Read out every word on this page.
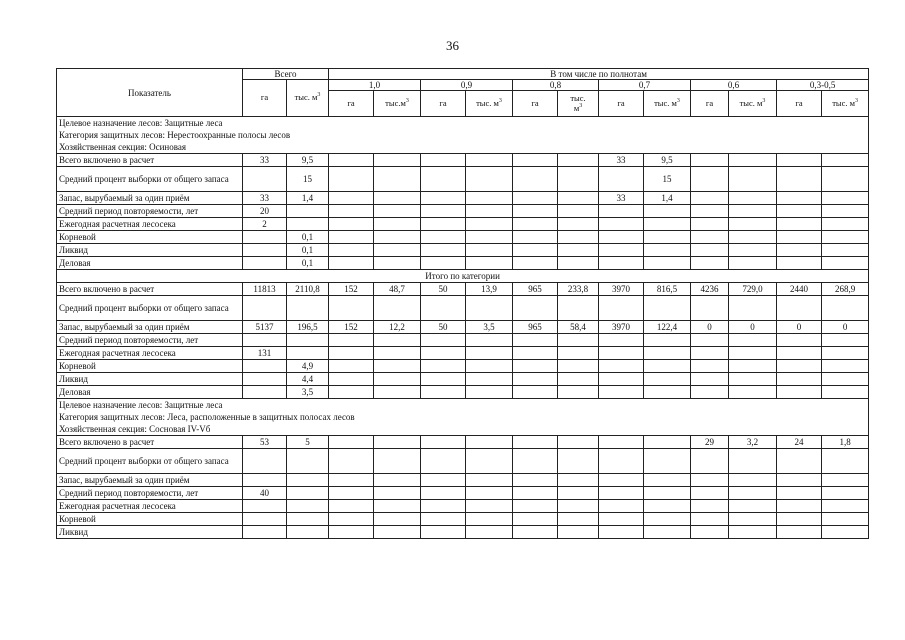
36
Показатель	Всего		В том числе по полнотам											
	га	тыс. $м^3$	1,0		0,9		0,8		0,7		0,6		0,3-0,5	
			га	$тыс.м^3$	га	тыс. $м^3$	га	тыс.
$м^3$	га	тыс. $м^3$	га	тыс. $м^3$	га	тыс. $м^3$
Целевое назначение лесов: Защитные леса														
Категория защитных лесов: Нерестоохранные полосы лесов														
Хозяйственная секция: Осиновая														
Всего включено в расчет	33	9,5							33	9,5				
Средний процент выборки от общего запаса		15								15				
Запас, вырубаемый за один приём	33	1,4							33	1,4				
Средний период повторяемости, лет	20													
Ежегодная расчетная лесосека	2													
Корневой		0,1												
Ликвид		0,1												
Деловая		0,1												
Итого по категории														
Всего включено в расчет	11813	2110,8	152	48,7	50	13,9	965	233,8	3970	816,5	4236	729,0	2440	268,9
Средний процент выборки от общего запаса														
Запас, вырубаемый за один приём	5137	196,5	152	12,2	50	3,5	965	58,4	3970	122,4	0	0	0	0
Средний период повторяемости, лет														
Ежегодная расчетная лесосека	131													
Корневой		4,9												
Ликвид		4,4												
Деловая		3,5												
Целевое назначение лесов: Защитные леса														
Категория защитных лесов: Леса, расположенные в защитных полосах лесов														
Хозяйственная секция: Сосновая IV-Vб														
Всего включено в расчет	53	5									29	3,2	24	1,8
Средний процент выборки от общего запаса														
Запас, вырубаемый за один приём														
Средний период повторяемости, лет	40													
Ежегодная расчетная лесосека														
Корневой														
Ликвид														
